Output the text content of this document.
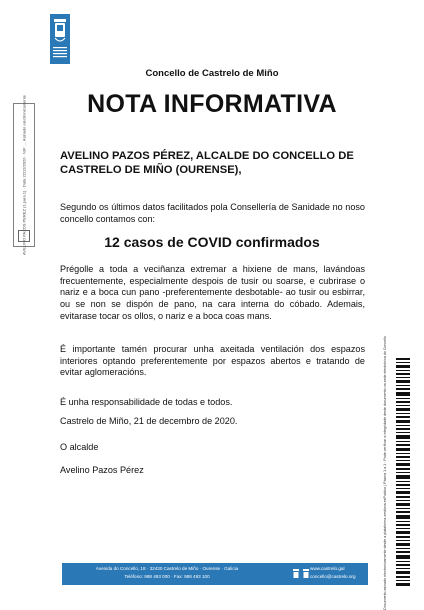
Concello de Castrelo de Miño
NOTA INFORMATIVA
AVELINO PAZOS PÉREZ, ALCALDE DO CONCELLO DE CASTRELO DE MIÑO (OURENSE),
Segundo os últimos datos facilitados pola Consellería de Sanidade no noso concello contamos con:
12 casos de COVID confirmados
Prégolle a toda a veciñanza extremar a hixiene de mans, lavándoas frecuentemente, especialmente despois de tusir ou soarse, e cubrirase o nariz e a boca cun pano -preferentemente desbotable- ao tusir ou esbirrar, ou se non se dispón de pano, na cara interna do cóbado. Ademais, evitarase tocar os ollos, o nariz e a boca coas mans.
É importante tamén procurar unha axeitada ventilación dos espazos interiores optando preferentemente por espazos abertos e tratando de evitar aglomeracións.
É unha responsabilidade de todas e todos.
Castrelo de Miño, 21 de decembro de 2020.
O alcalde
Avelino Pazos Pérez
AVELINO PAZOS PEREZ (1 para 1) · Data 22/12/2020 · NIF: ... Asinado electronicamente
Documento asinado electronicamente desde a plataforma xestiona esPublico | Páxina 1 a 1 · Pode verificar a integridade deste documento na sede electrónica do Concello
Avenida do Concello, 18 · 32430 Castrelo de Miño · Ourense · Galicia
Teléfono: 988 493 000 · Fax: 988 493 100
www.castrelo.gal
concello@castrelo.org
